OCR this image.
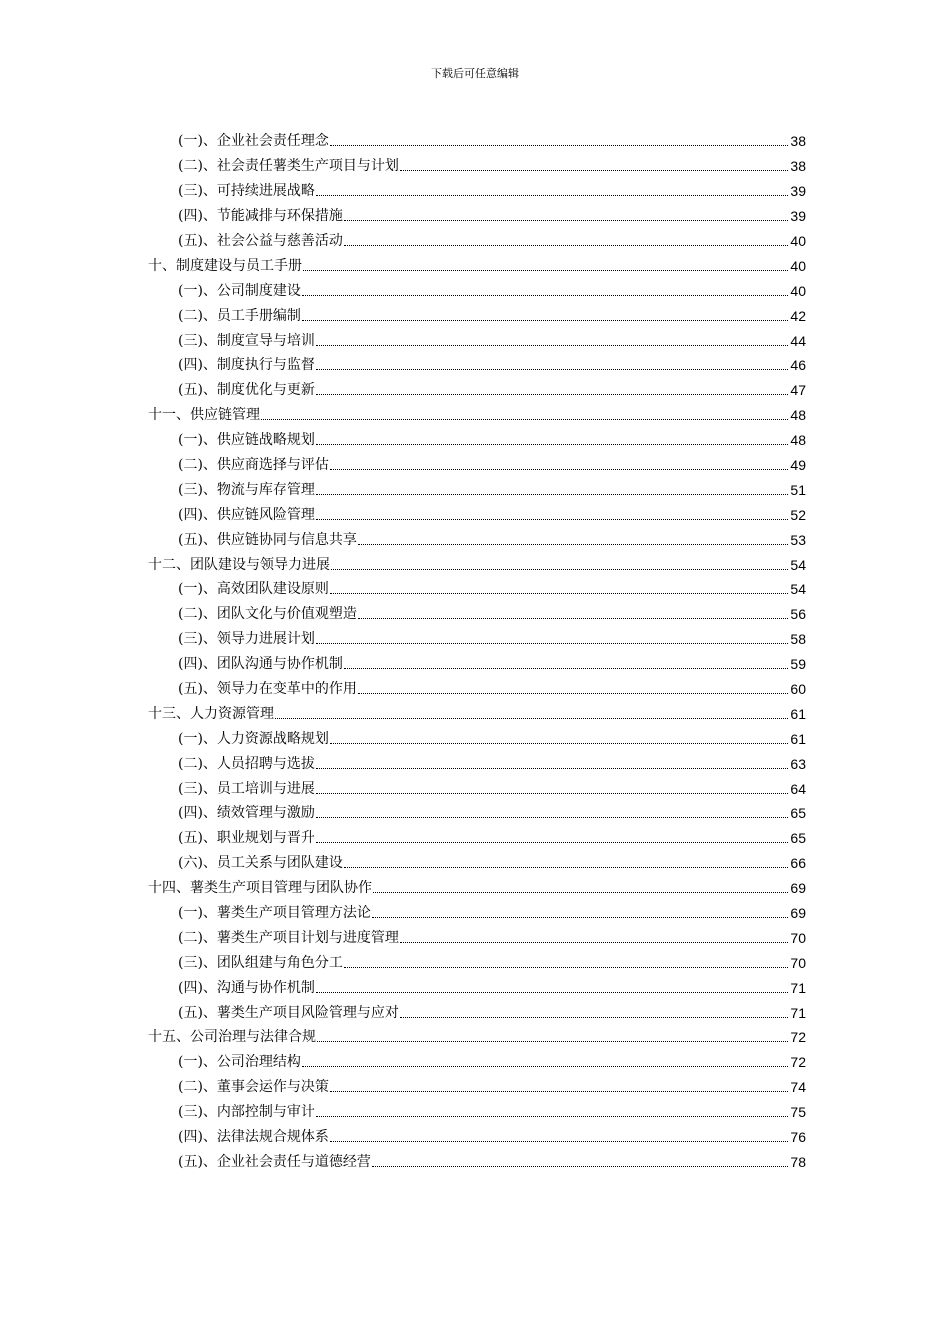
下载后可任意编辑
(一)、企业社会责任理念	38
(二)、社会责任薯类生产项目与计划	38
(三)、可持续进展战略	39
(四)、节能减排与环保措施	39
(五)、社会公益与慈善活动	40
十、制度建设与员工手册	40
(一)、公司制度建设	40
(二)、员工手册编制	42
(三)、制度宣导与培训	44
(四)、制度执行与监督	46
(五)、制度优化与更新	47
十一、供应链管理	48
(一)、供应链战略规划	48
(二)、供应商选择与评估	49
(三)、物流与库存管理	51
(四)、供应链风险管理	52
(五)、供应链协同与信息共享	53
十二、团队建设与领导力进展	54
(一)、高效团队建设原则	54
(二)、团队文化与价值观塑造	56
(三)、领导力进展计划	58
(四)、团队沟通与协作机制	59
(五)、领导力在变革中的作用	60
十三、人力资源管理	61
(一)、人力资源战略规划	61
(二)、人员招聘与选拔	63
(三)、员工培训与进展	64
(四)、绩效管理与激励	65
(五)、职业规划与晋升	65
(六)、员工关系与团队建设	66
十四、薯类生产项目管理与团队协作	69
(一)、薯类生产项目管理方法论	69
(二)、薯类生产项目计划与进度管理	70
(三)、团队组建与角色分工	70
(四)、沟通与协作机制	71
(五)、薯类生产项目风险管理与应对	71
十五、公司治理与法律合规	72
(一)、公司治理结构	72
(二)、董事会运作与决策	74
(三)、内部控制与审计	75
(四)、法律法规合规体系	76
(五)、企业社会责任与道德经营	78
